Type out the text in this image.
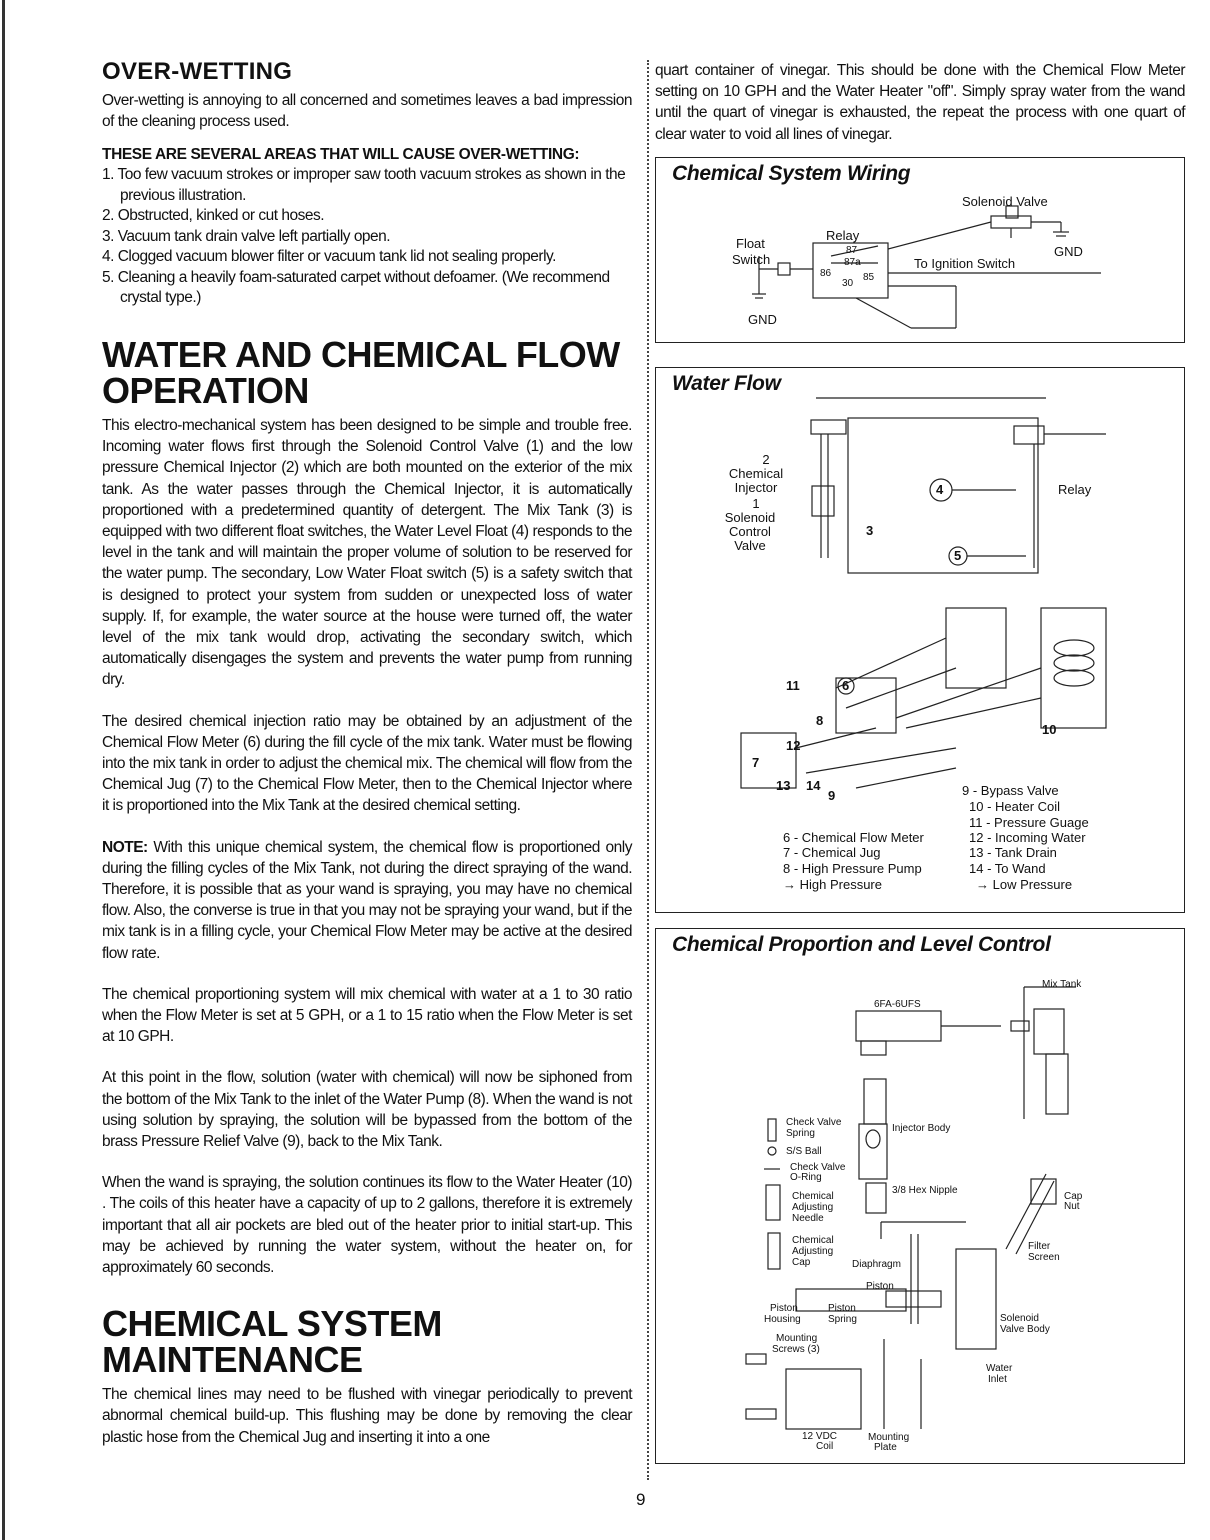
OVER-WETTING

Over-wetting is annoying to all concerned and sometimes leaves a bad impression of the cleaning process used.

THESE ARE SEVERAL AREAS THAT WILL CAUSE OVER-WETTING:

1. Too few vacuum strokes or improper saw tooth vacuum strokes as shown in the previous illustration.
2. Obstructed, kinked or cut hoses.
3. Vacuum tank drain valve left partially open.
4. Clogged vacuum blower filter or vacuum tank lid not sealing properly.
5. Cleaning a heavily foam-saturated carpet without defoamer. (We recommend crystal type.)
WATER AND CHEMICAL FLOW OPERATION

This electro-mechanical system has been designed to be simple and trouble free. Incoming water flows first through the Solenoid Control Valve (1) and the low pressure Chemical Injector (2) which are both mounted on the exterior of the mix tank. As the water passes through the Chemical Injector, it is automatically proportioned with a predetermined quantity of detergent. The Mix Tank (3) is equipped with two different float switches, the Water Level Float (4) responds to the level in the tank and will maintain the proper volume of solution to be reserved for the water pump. The secondary, Low Water Float switch (5) is a safety switch that is designed to protect your system from sudden or unexpected loss of water supply. If, for example, the water source at the house were turned off, the water level of the mix tank would drop, activating the secondary switch, which automatically disengages the system and prevents the water pump from running dry.

The desired chemical injection ratio may be obtained by an adjustment of the Chemical Flow Meter (6) during the fill cycle of the mix tank. Water must be flowing into the mix tank in order to adjust the chemical mix. The chemical will flow from the Chemical Jug (7) to the Chemical Flow Meter, then to the Chemical Injector where it is proportioned into the Mix Tank at the desired chemical setting.

NOTE: With this unique chemical system, the chemical flow is proportioned only during the filling cycles of the Mix Tank, not during the direct spraying of the wand. Therefore, it is possible that as your wand is spraying, you may have no chemical flow. Also, the converse is true in that you may not be spraying your wand, but if the mix tank is in a filling cycle, your Chemical Flow Meter may be active at the desired flow rate.

The chemical proportioning system will mix chemical with water at a 1 to 30 ratio when the Flow Meter is set at 5 GPH, or a 1 to 15 ratio when the Flow Meter is set at 10 GPH.

At this point in the flow, solution (water with chemical) will now be siphoned from the bottom of the Mix Tank to the inlet of the Water Pump (8). When the wand is not using solution by spraying, the solution will be bypassed from the bottom of the brass Pressure Relief Valve (9), back to the Mix Tank.

When the wand is spraying, the solution continues its flow to the Water Heater (10) . The coils of this heater have a capacity of up to 2 gallons, therefore it is extremely important that all air pockets are bled out of the heater prior to initial start-up. This may be achieved by running the water system, without the heater on, for approximately 60 seconds.

CHEMICAL SYSTEM MAINTENANCE

The chemical lines may need to be flushed with vinegar periodically to prevent abnormal chemical build-up. This flushing may be done by removing the clear plastic hose from the Chemical Jug and inserting it into a one

quart container of vinegar. This should be done with the Chemical Flow Meter setting on 10 GPH and the Water Heater "off". Simply spray water from the wand until the quart of vinegar is exhausted, the repeat the process with one quart of clear water to void all lines of vinegar.

Chemical System Wiring
Solenoid Valve
Relay
Float
Switch
GND
GND
To Ignition Switch
87
87a
86	85
30
Water Flow
2
Chemical
Injector
1
Solenoid
Control
Valve
3
4
5
Relay
6
7
8
9
10
11
12
13 14
6 - Chemical Flow Meter
7 - Chemical Jug
8 - High Pressure Pump
→ High Pressure
9 - Bypass Valve
10 - Heater Coil
11 - Pressure Guage
12 - Incoming Water
13 - Tank Drain
14 - To Wand
→ Low Pressure
Chemical Proportion and Level Control
Mix Tank
6FA-6UFS
Check Valve
Spring
S/S Ball
Check Valve
O-Ring
Chemical
Adjusting
Needle
Chemical
Adjusting
Cap
Injector Body
3/8 Hex Nipple
Cap
Nut
Filter
Screen
Diaphragm
Piston
Piston
Housing
Piston
Spring	Solenoid
Valve Body
Mounting
Screws (3)
Water
Inlet
12 VDC
Coil
Mounting
Plate
9
